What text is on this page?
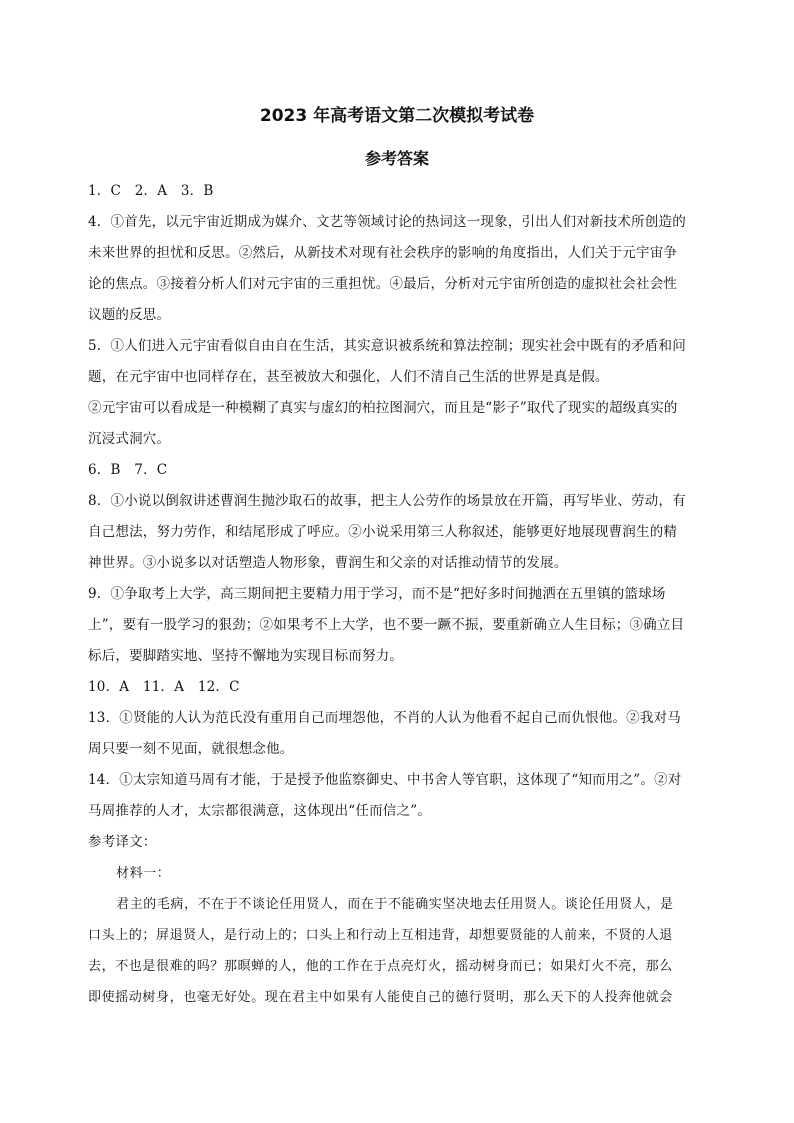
2023 年高考语文第二次模拟考试卷
参考答案
1．C　2．A　3．B
4．①首先，以元宇宙近期成为媒介、文艺等领域讨论的热词这一现象，引出人们对新技术所创造的
未来世界的担忧和反思。②然后，从新技术对现有社会秩序的影响的角度指出，人们关于元宇宙争
论的焦点。③接着分析人们对元宇宙的三重担忧。④最后，分析对元宇宙所创造的虚拟社会社会性
议题的反思。
5．①人们进入元宇宙看似自由自在生活，其实意识被系统和算法控制；现实社会中既有的矛盾和问
题，在元宇宙中也同样存在，甚至被放大和强化，人们不清自己生活的世界是真是假。
②元宇宙可以看成是一种模糊了真实与虚幻的柏拉图洞穴，而且是“影子”取代了现实的超级真实的
沉浸式洞穴。
6．B　7．C
8．①小说以倒叙讲述曹润生抛沙取石的故事，把主人公劳作的场景放在开篇，再写毕业、劳动，有
自己想法，努力劳作，和结尾形成了呼应。②小说采用第三人称叙述，能够更好地展现曹润生的精
神世界。③小说多以对话塑造人物形象，曹润生和父亲的对话推动情节的发展。
9．①争取考上大学，高三期间把主要精力用于学习，而不是“把好多时间抛洒在五里镇的篮球场
上”，要有一股学习的狠劲；②如果考不上大学，也不要一蹶不振，要重新确立人生目标；③确立目
标后，要脚踏实地、坚持不懈地为实现目标而努力。
10．A　11．A　12．C
13．①贤能的人认为范氏没有重用自己而埋怨他，不肖的人认为他看不起自己而仇恨他。②我对马
周只要一刻不见面，就很想念他。
14．①太宗知道马周有才能，于是授予他监察御史、中书舍人等官职，这体现了“知而用之”。②对
马周推荐的人才，太宗都很满意，这体现出“任而信之”。
参考译文：
材料一：
君主的毛病，不在于不谈论任用贤人，而在于不能确实坚决地去任用贤人。谈论任用贤人，是
口头上的；屏退贤人，是行动上的；口头上和行动上互相违背，却想要贤能的人前来，不贤的人退
去，不也是很难的吗？那暝蝉的人，他的工作在于点亮灯火，摇动树身而已；如果灯火不亮，那么
即使摇动树身，也毫无好处。现在君主中如果有人能使自己的德行贤明，那么天下的人投奔他就会
